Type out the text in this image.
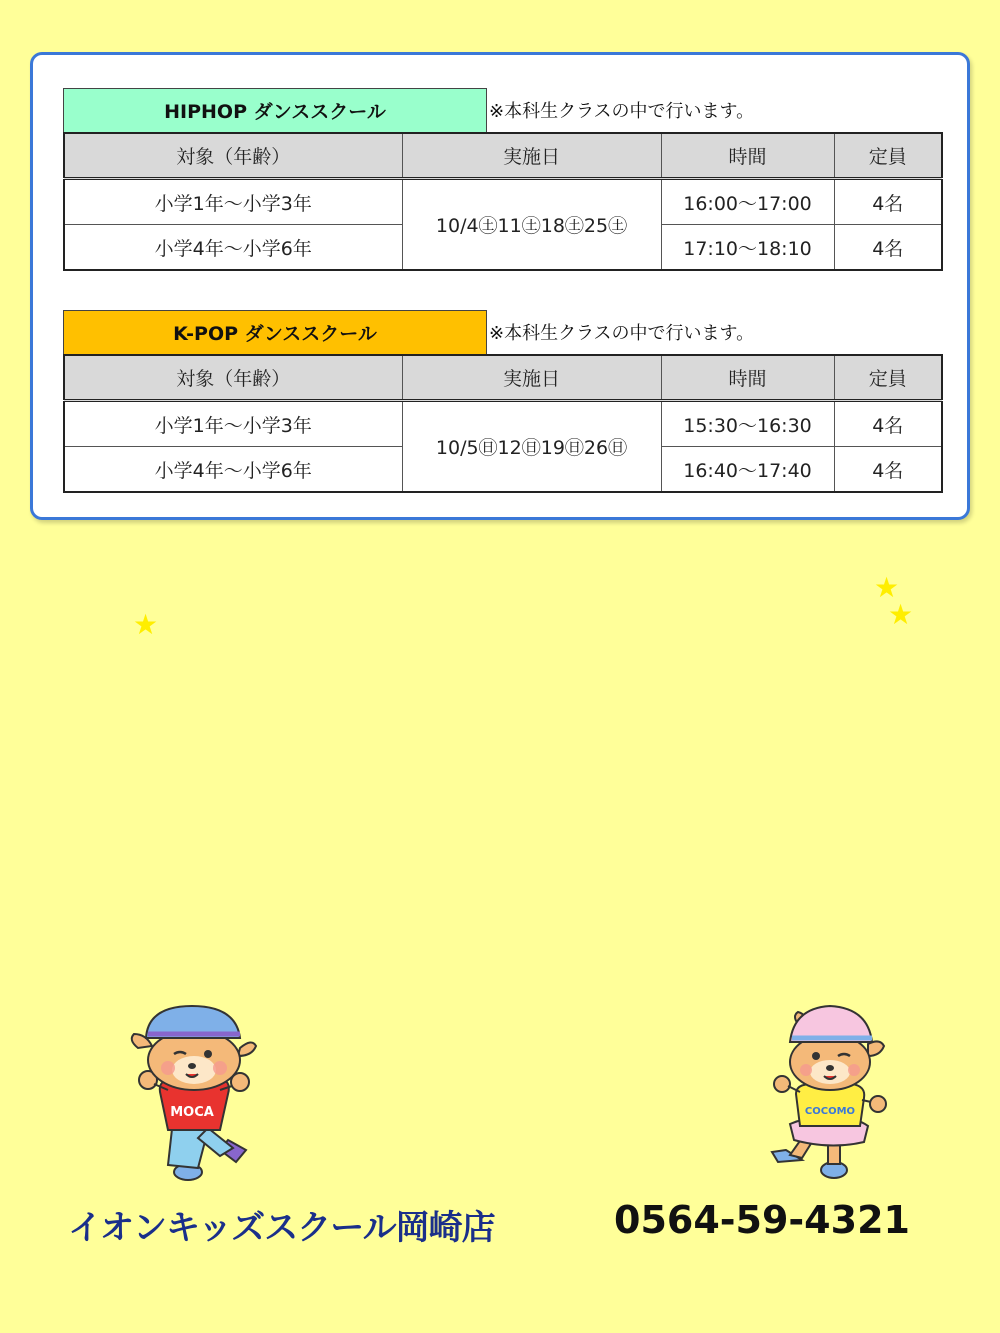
HIPHOP ダンススクール	※本科生クラスの中で行います。
対象（年齢）	実施日	時間	定員
小学1年～小学3年	10/4㊏11㊏18㊏25㊏	16:00～17:00	4名
小学4年～小学6年		17:10～18:10	4名
K-POP ダンススクール	※本科生クラスの中で行います。
対象（年齢）	実施日	時間	定員
小学1年～小学3年	10/5㊐12㊐19㊐26㊐	15:30～16:30	4名
小学4年～小学6年		16:40～17:40	4名
★
★
★
MOCA	COCOMO
イオンキッズスクール岡崎店	0564-59-4321
